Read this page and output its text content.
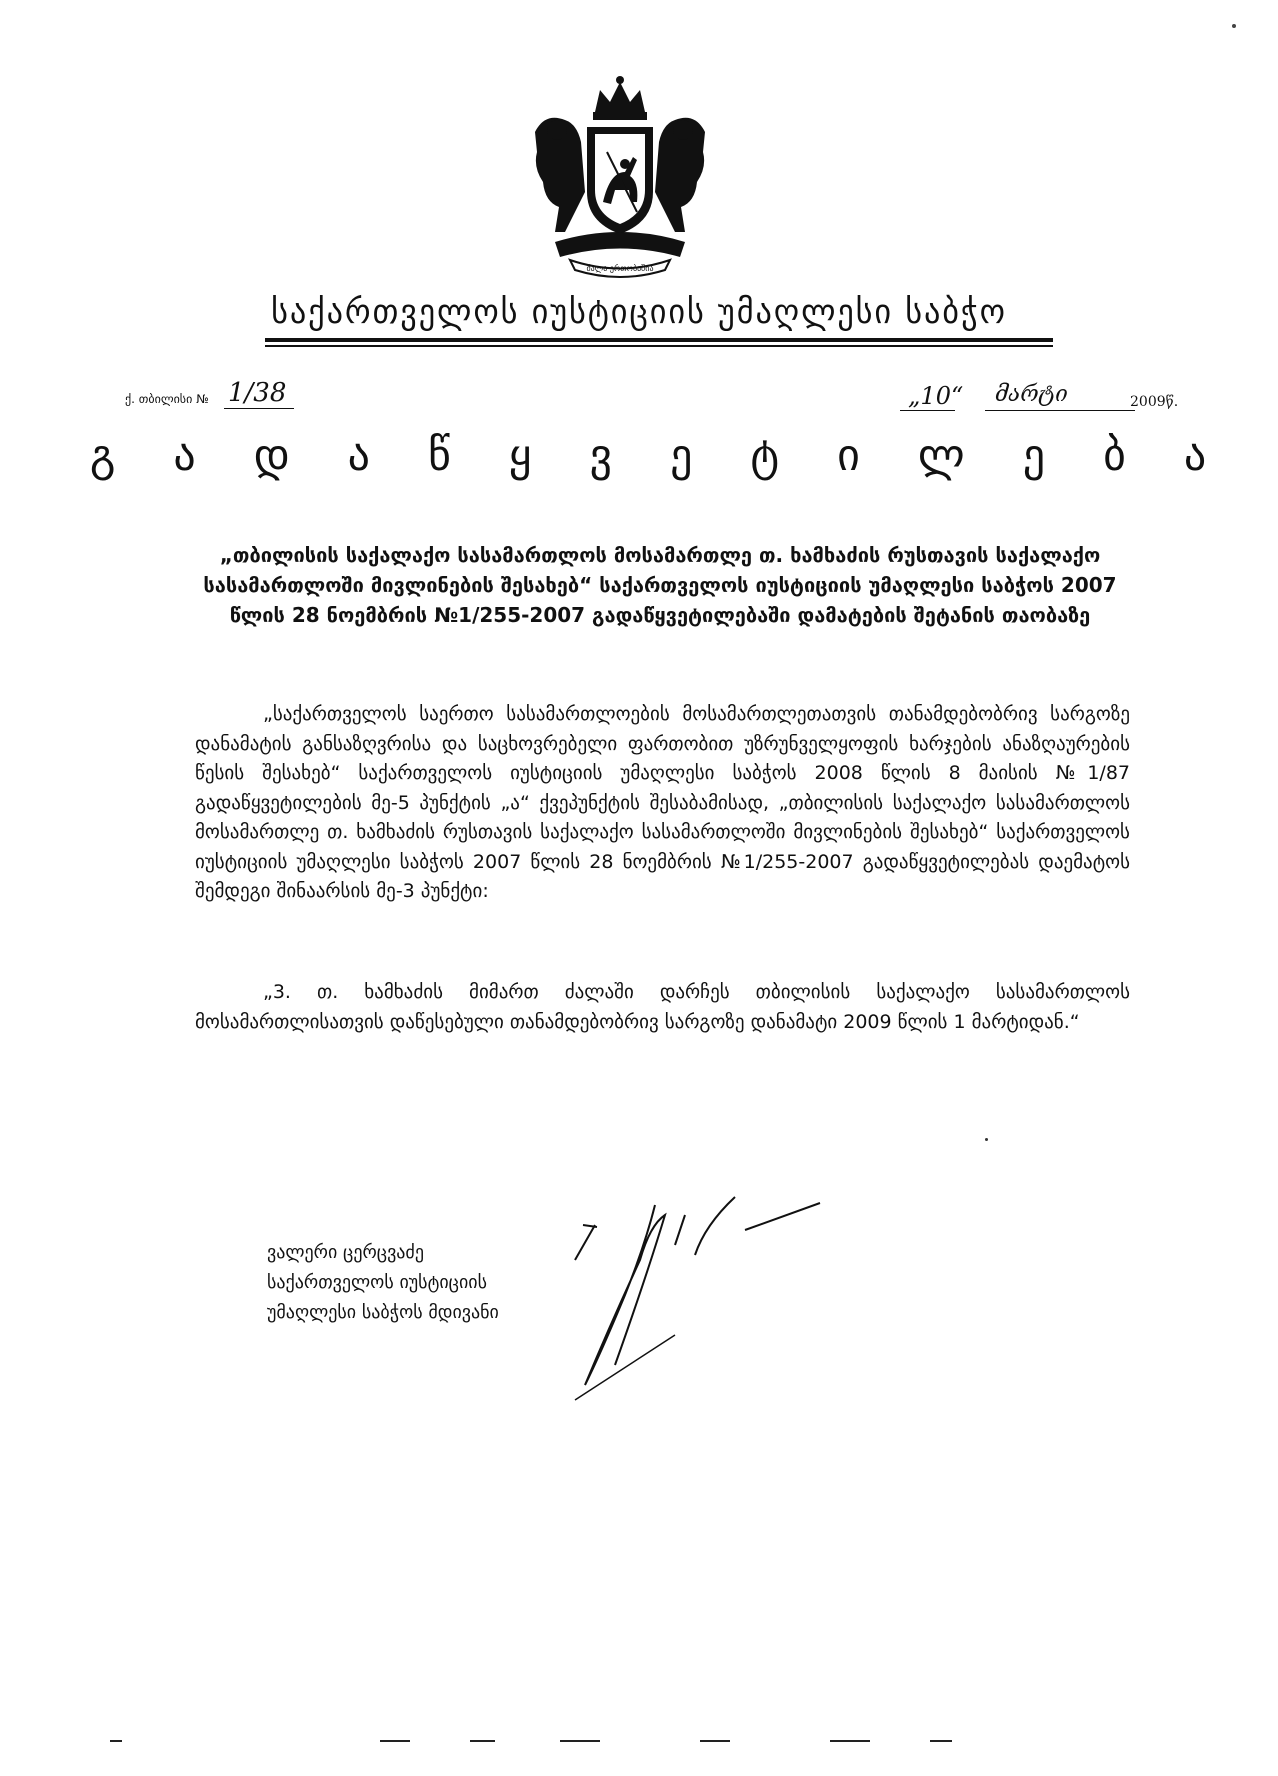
ძალა ერთობაშია
საქართველოს იუსტიციის უმაღლესი საბჭო
ქ. თბილისი № 1/38	„10“ მარტი	2009წ.
გ ა დ ა წ ყ ვ ე ტ ი ლ ე ბ ა
„თბილისის საქალაქო სასამართლოს მოსამართლე თ. ხამხაძის რუსთავის საქალაქო სასამართლოში მივლინების შესახებ“ საქართველოს იუსტიციის უმაღლესი საბჭოს 2007 წლის 28 ნოემბრის №1/255-2007 გადაწყვეტილებაში დამატების შეტანის თაობაზე
„საქართველოს საერთო სასამართლოების მოსამართლეთათვის თანამდებობრივ სარგოზე დანამატის განსაზღვრისა და საცხოვრებელი ფართობით უზრუნველყოფის ხარჯების ანაზღაურების წესის შესახებ“ საქართველოს იუსტიციის უმაღლესი საბჭოს 2008 წლის 8 მაისის №1/87 გადაწყვეტილების მე-5 პუნქტის „ა“ ქვეპუნქტის შესაბამისად, „თბილისის საქალაქო სასამართლოს მოსამართლე თ. ხამხაძის რუსთავის საქალაქო სასამართლოში მივლინების შესახებ“ საქართველოს იუსტიციის უმაღლესი საბჭოს 2007 წლის 28 ნოემბრის №1/255-2007 გადაწყვეტილებას დაემატოს შემდეგი შინაარსის მე-3 პუნქტი:
„3. თ. ხამხაძის მიმართ ძალაში დარჩეს თბილისის საქალაქო სასამართლოს მოსამართლისათვის დაწესებული თანამდებობრივ სარგოზე დანამატი 2009 წლის 1 მარტიდან.“
ვალერი ცერცვაძე
საქართველოს იუსტიციის
უმაღლესი საბჭოს მდივანი
